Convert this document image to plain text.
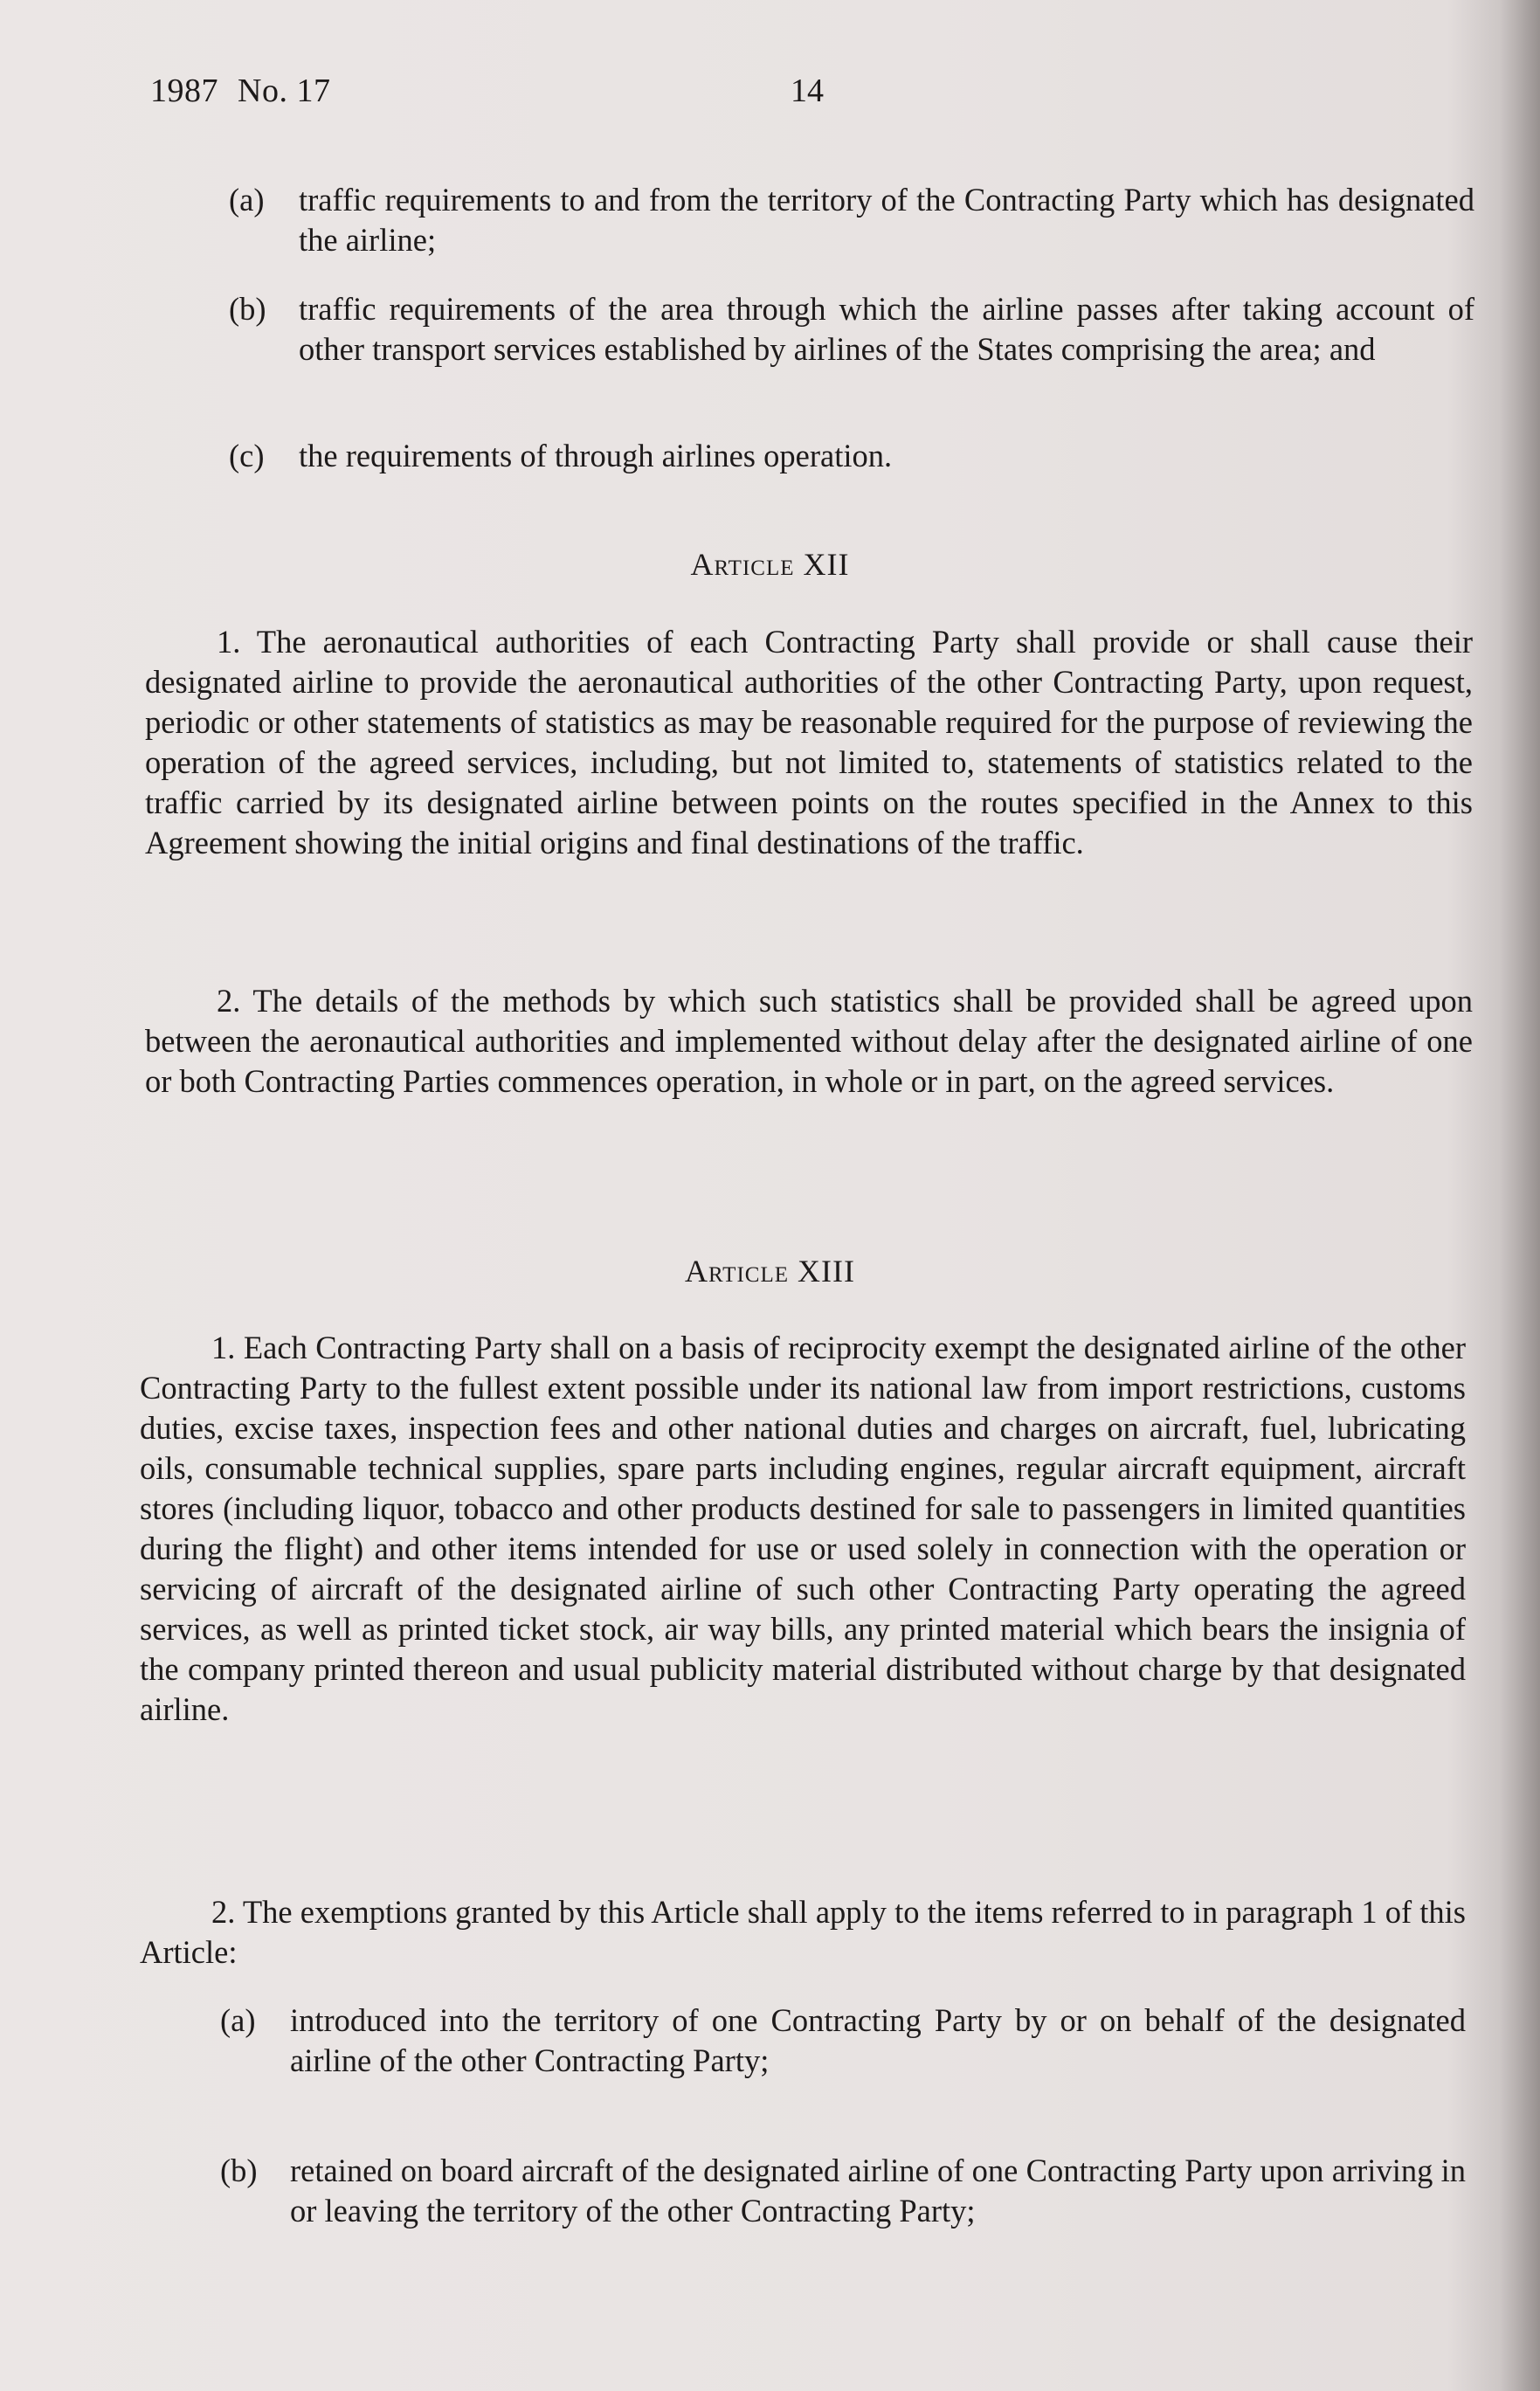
1987 No. 17	14
(a)	traffic requirements to and from the territory of the Contracting Party which has designated the airline;
(b)	traffic requirements of the area through which the airline passes after taking account of other transport services established by airlines of the States comprising the area; and
(c)	the requirements of through airlines operation.
Article XII
1. The aeronautical authorities of each Contracting Party shall provide or shall cause their designated airline to provide the aeronautical authorities of the other Contracting Party, upon request, periodic or other statements of statistics as may be reasonable required for the purpose of reviewing the operation of the agreed services, including, but not limited to, statements of statistics related to the traffic carried by its designated airline between points on the routes specified in the Annex to this Agreement showing the initial origins and final destinations of the traffic.
2. The details of the methods by which such statistics shall be provided shall be agreed upon between the aeronautical authorities and implemented without delay after the designated airline of one or both Contracting Parties commences operation, in whole or in part, on the agreed services.
Article XIII
1. Each Contracting Party shall on a basis of reciprocity exempt the designated airline of the other Contracting Party to the fullest extent possible under its national law from import restrictions, customs duties, excise taxes, inspection fees and other national duties and charges on aircraft, fuel, lubricating oils, consumable technical supplies, spare parts including engines, regular aircraft equipment, aircraft stores (including liquor, tobacco and other products destined for sale to passengers in limited quantities during the flight) and other items intended for use or used solely in connection with the operation or servicing of aircraft of the designated airline of such other Contracting Party operating the agreed services, as well as printed ticket stock, air way bills, any printed material which bears the insignia of the company printed thereon and usual publicity material distributed without charge by that designated airline.
2. The exemptions granted by this Article shall apply to the items referred to in paragraph 1 of this Article:
(a)	introduced into the territory of one Contracting Party by or on behalf of the designated airline of the other Contracting Party;
(b)	retained on board aircraft of the designated airline of one Contracting Party upon arriving in or leaving the territory of the other Contracting Party;
